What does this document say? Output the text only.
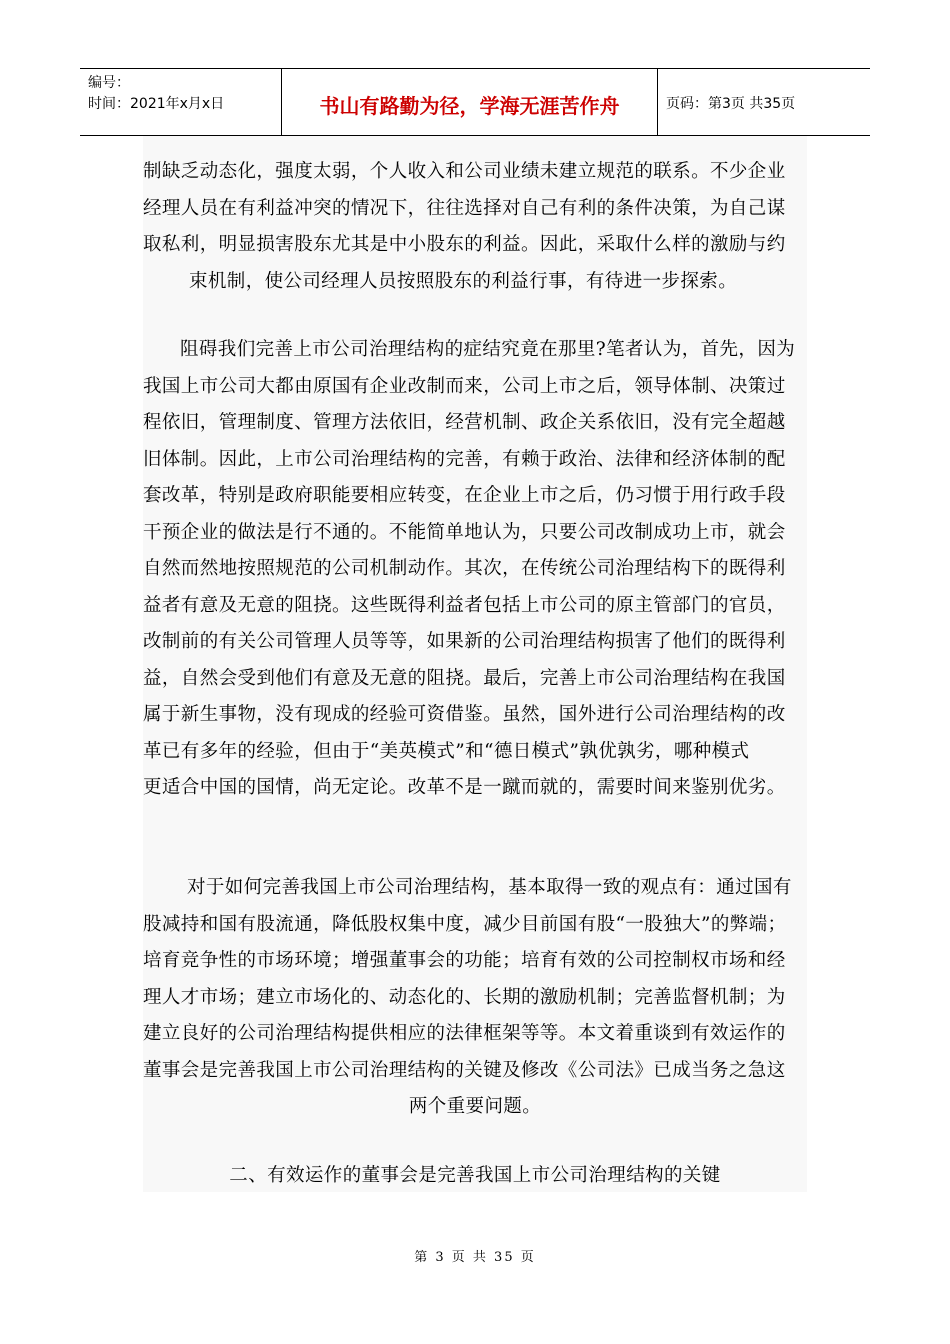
编号：
时间：2021年x月x日	书山有路勤为径，学海无涯苦作舟	页码：第3页 共35页
制缺乏动态化，强度太弱，个人收入和公司业绩未建立规范的联系。不少企业
经理人员在有利益冲突的情况下，往往选择对自己有利的条件决策，为自己谋
取私利，明显损害股东尤其是中小股东的利益。因此，采取什么样的激励与约
束机制，使公司经理人员按照股东的利益行事，有待进一步探索。
阻碍我们完善上市公司治理结构的症结究竟在那里?笔者认为，首先，因为
我国上市公司大都由原国有企业改制而来，公司上市之后，领导体制、决策过
程依旧，管理制度、管理方法依旧，经营机制、政企关系依旧，没有完全超越
旧体制。因此，上市公司治理结构的完善，有赖于政治、法律和经济体制的配
套改革，特别是政府职能要相应转变，在企业上市之后，仍习惯于用行政手段
干预企业的做法是行不通的。不能简单地认为，只要公司改制成功上市，就会
自然而然地按照规范的公司机制动作。其次，在传统公司治理结构下的既得利
益者有意及无意的阻挠。这些既得利益者包括上市公司的原主管部门的官员，
改制前的有关公司管理人员等等，如果新的公司治理结构损害了他们的既得利
益，自然会受到他们有意及无意的阻挠。最后，完善上市公司治理结构在我国
属于新生事物，没有现成的经验可资借鉴。虽然，国外进行公司治理结构的改
革已有多年的经验，但由于“美英模式”和“德日模式”孰优孰劣，哪种模式
更适合中国的国情，尚无定论。改革不是一蹴而就的，需要时间来鉴别优劣。
对于如何完善我国上市公司治理结构，基本取得一致的观点有：通过国有
股减持和国有股流通，降低股权集中度，减少目前国有股“一股独大”的弊端；
培育竞争性的市场环境；增强董事会的功能；培育有效的公司控制权市场和经
理人才市场；建立市场化的、动态化的、长期的激励机制；完善监督机制；为
建立良好的公司治理结构提供相应的法律框架等等。本文着重谈到有效运作的
董事会是完善我国上市公司治理结构的关键及修改《公司法》已成当务之急这
两个重要问题。
二、有效运作的董事会是完善我国上市公司治理结构的关键
第 3 页 共 35 页
